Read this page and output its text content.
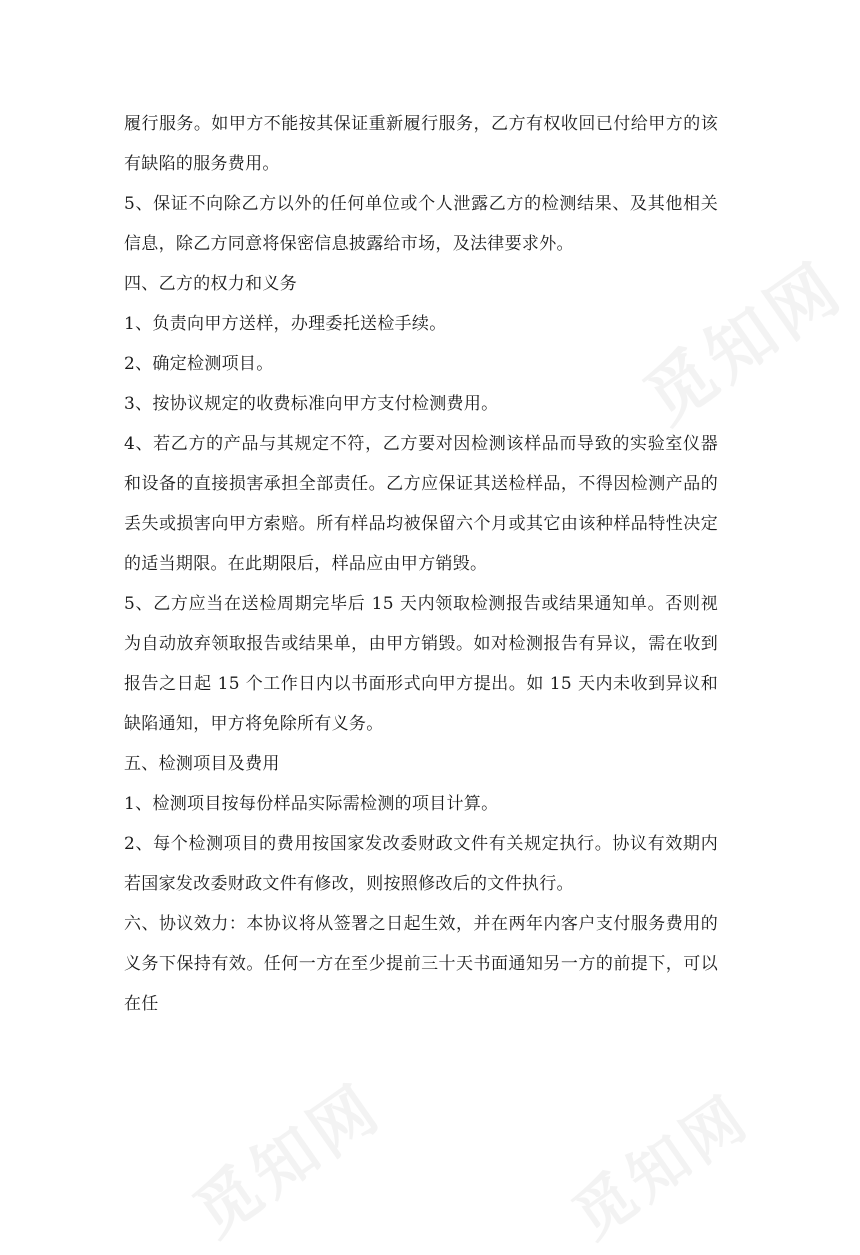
觅知网
觅知网	觅知网

履行服务。如甲方不能按其保证重新履行服务，乙方有权收回已付给甲方的该有缺陷的服务费用。

5、保证不向除乙方以外的任何单位或个人泄露乙方的检测结果、及其他相关信息，除乙方同意将保密信息披露给市场，及法律要求外。

四、乙方的权力和义务

1、负责向甲方送样，办理委托送检手续。

2、确定检测项目。

3、按协议规定的收费标准向甲方支付检测费用。

4、若乙方的产品与其规定不符，乙方要对因检测该样品而导致的实验室仪器和设备的直接损害承担全部责任。乙方应保证其送检样品，不得因检测产品的丢失或损害向甲方索赔。所有样品均被保留六个月或其它由该种样品特性决定的适当期限。在此期限后，样品应由甲方销毁。

5、乙方应当在送检周期完毕后 15 天内领取检测报告或结果通知单。否则视为自动放弃领取报告或结果单，由甲方销毁。如对检测报告有异议，需在收到报告之日起 15 个工作日内以书面形式向甲方提出。如 15 天内未收到异议和缺陷通知，甲方将免除所有义务。

五、检测项目及费用

1、检测项目按每份样品实际需检测的项目计算。

2、每个检测项目的费用按国家发改委财政文件有关规定执行。协议有效期内若国家发改委财政文件有修改，则按照修改后的文件执行。

六、协议效力：本协议将从签署之日起生效，并在两年内客户支付服务费用的义务下保持有效。任何一方在至少提前三十天书面通知另一方的前提下，可以在任
